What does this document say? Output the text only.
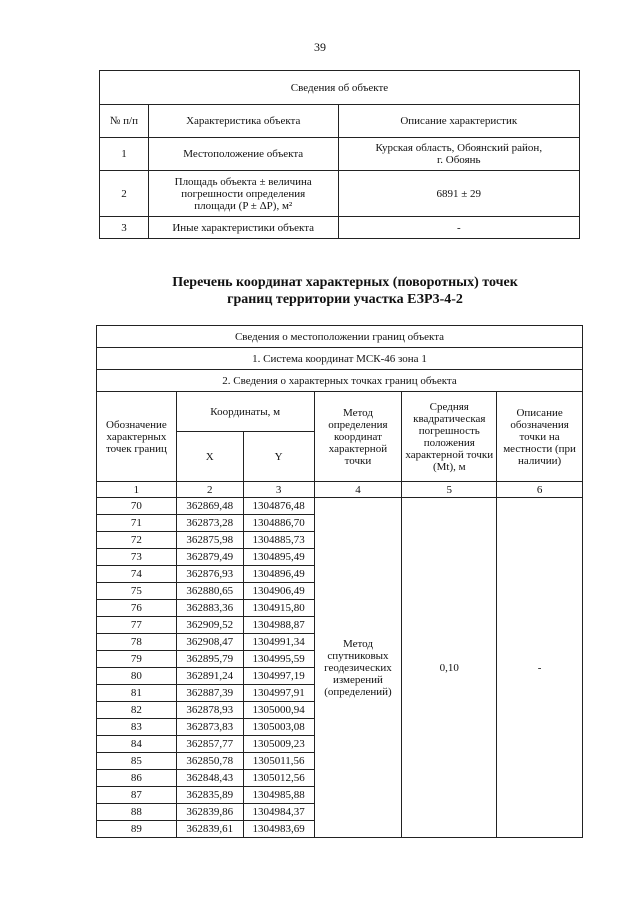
39
Сведения об объекте		
№ п/п	Характеристика объекта	Описание характеристик
1	Местоположение объекта	Курская область, Обоянский район,
г. Обоянь

2	Площадь объекта ± величина
погрешности определения
площади (P ± ΔP), м²	6891 ± 29
3	Иные характеристики объекта	-
Перечень координат характерных (поворотных) точек
границ территории участка ЕЗР3-4-2
Сведения о местоположении границ объекта					
1. Система координат МСК-46 зона 1					
2. Сведения о характерных точках границ объекта					
Обозначение характерных точек границ	Координаты, м		Метод определения координат характерной точки	Средняя квадратическая погрешность положения характерной точки (Mt), м	Описание обозначения точки на местности (при наличии)
	X	Y			
1	2	3	4	5	6
70	362869,48	1304876,48	Метод спутниковых геодезических измерений (определений)	0,10	-
71	362873,28	1304886,70			
72	362875,98	1304885,73			
73	362879,49	1304895,49			
74	362876,93	1304896,49			
75	362880,65	1304906,49			
76	362883,36	1304915,80			
77	362909,52	1304988,87			
78	362908,47	1304991,34			
79	362895,79	1304995,59			
80	362891,24	1304997,19			
81	362887,39	1304997,91			
82	362878,93	1305000,94			
83	362873,83	1305003,08			
84	362857,77	1305009,23			
85	362850,78	1305011,56			
86	362848,43	1305012,56			
87	362835,89	1304985,88			
88	362839,86	1304984,37			
89	362839,61	1304983,69			
